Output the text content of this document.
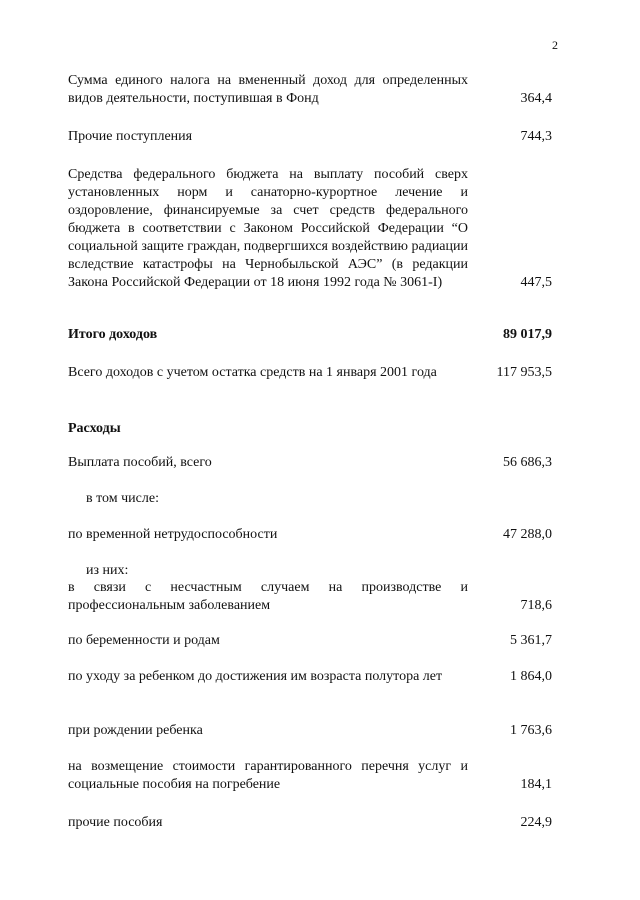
2
Сумма единого налога на вмененный доход для определенных видов деятельности, поступившая в Фонд	364,4
Прочие поступления	744,3
Средства федерального бюджета на выплату пособий сверх установленных норм и санаторно-курортное лечение и оздоровление, финансируемые за счет средств федерального бюджета в соответствии с Законом Российской Федерации “О социальной защите граждан, подвергшихся воздействию радиации вследствие катастрофы на Чернобыльской АЭС” (в редакции Закона Российской Федерации от 18 июня 1992 года № 3061-I)	447,5
Итого доходов	89 017,9
Всего доходов с учетом остатка средств на 1 января 2001 года	117 953,5
Расходы
Выплата пособий, всего	56 686,3
в том числе:
по временной нетрудоспособности	47 288,0
из них:
в связи с несчастным случаем на производстве и профессиональным заболеванием	718,6
по беременности и родам	5 361,7
по уходу за ребенком до достижения им возраста полутора лет	1 864,0
при рождении ребенка	1 763,6
на возмещение стоимости гарантированного перечня услуг и социальные пособия на погребение	184,1
прочие пособия	224,9
